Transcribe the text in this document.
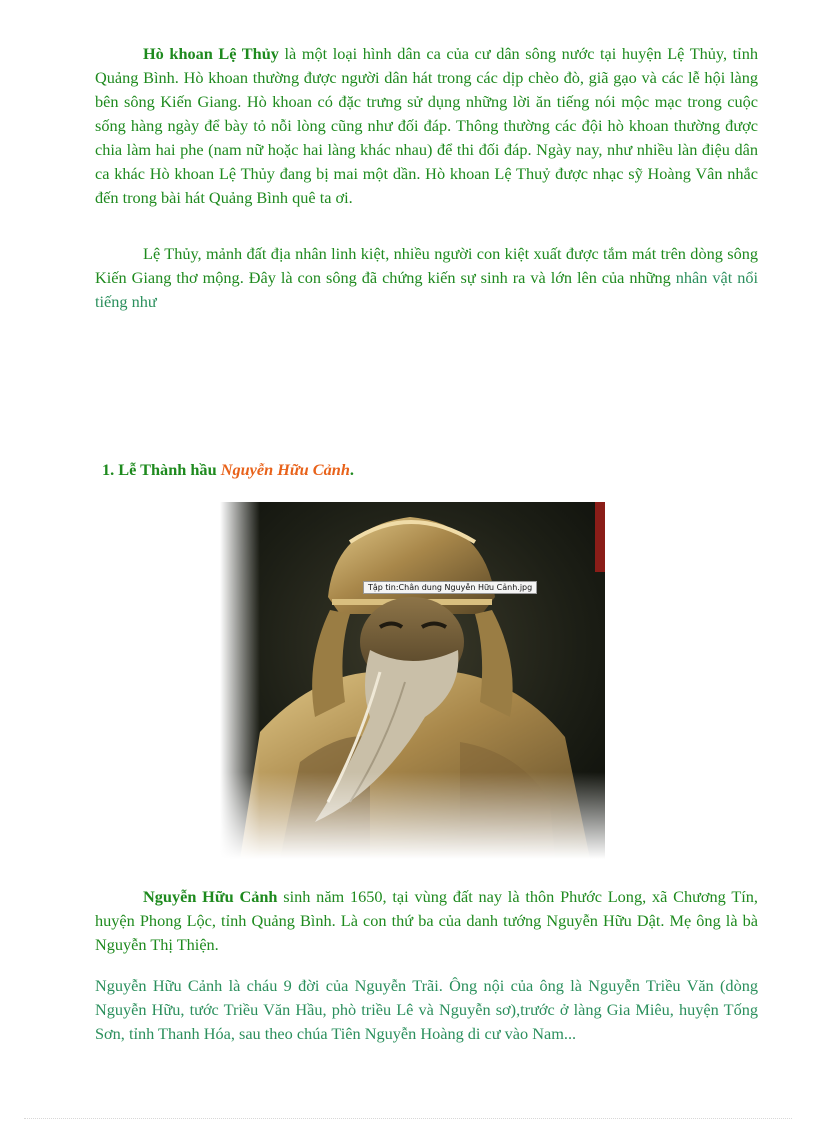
Hò khoan Lệ Thủy là một loại hình dân ca của cư dân sông nước tại huyện Lệ Thủy, tỉnh Quảng Bình. Hò khoan thường được người dân hát trong các dịp chèo đò, giã gạo và các lễ hội làng bên sông Kiến Giang. Hò khoan có đặc trưng sử dụng những lời ăn tiếng nói mộc mạc trong cuộc sống hàng ngày để bày tỏ nỗi lòng cũng như đối đáp. Thông thường các đội hò khoan thường được chia làm hai phe (nam nữ hoặc hai làng khác nhau) để thi đối đáp. Ngày nay, như nhiều làn điệu dân ca khác Hò khoan Lệ Thủy đang bị mai một dần. Hò khoan Lệ Thuỷ được nhạc sỹ Hoàng Vân nhắc đến trong bài hát Quảng Bình quê ta ơi.
Lệ Thủy, mảnh đất địa nhân linh kiệt, nhiều người con kiệt xuất được tắm mát trên dòng sông Kiến Giang thơ mộng. Đây là con sông đã chứng kiến sự sinh ra và lớn lên của những nhân vật nổi tiếng như
1. Lễ Thành hầu Nguyễn Hữu Cảnh.
Tập tin:Chân dung Nguyễn Hữu Cảnh.jpg
Nguyễn Hữu Cảnh sinh năm 1650, tại vùng đất nay là thôn Phước Long, xã Chương Tín, huyện Phong Lộc, tỉnh Quảng Bình. Là con thứ ba của danh tướng Nguyễn Hữu Dật. Mẹ ông là bà Nguyễn Thị Thiện.
Nguyễn Hữu Cảnh là cháu 9 đời của Nguyễn Trãi. Ông nội của ông là Nguyễn Triều Văn (dòng Nguyễn Hữu, tước Triều Văn Hầu, phò triều Lê và Nguyễn sơ),trước ở làng Gia Miêu, huyện Tống Sơn, tỉnh Thanh Hóa, sau theo chúa Tiên Nguyễn Hoàng di cư vào Nam...
